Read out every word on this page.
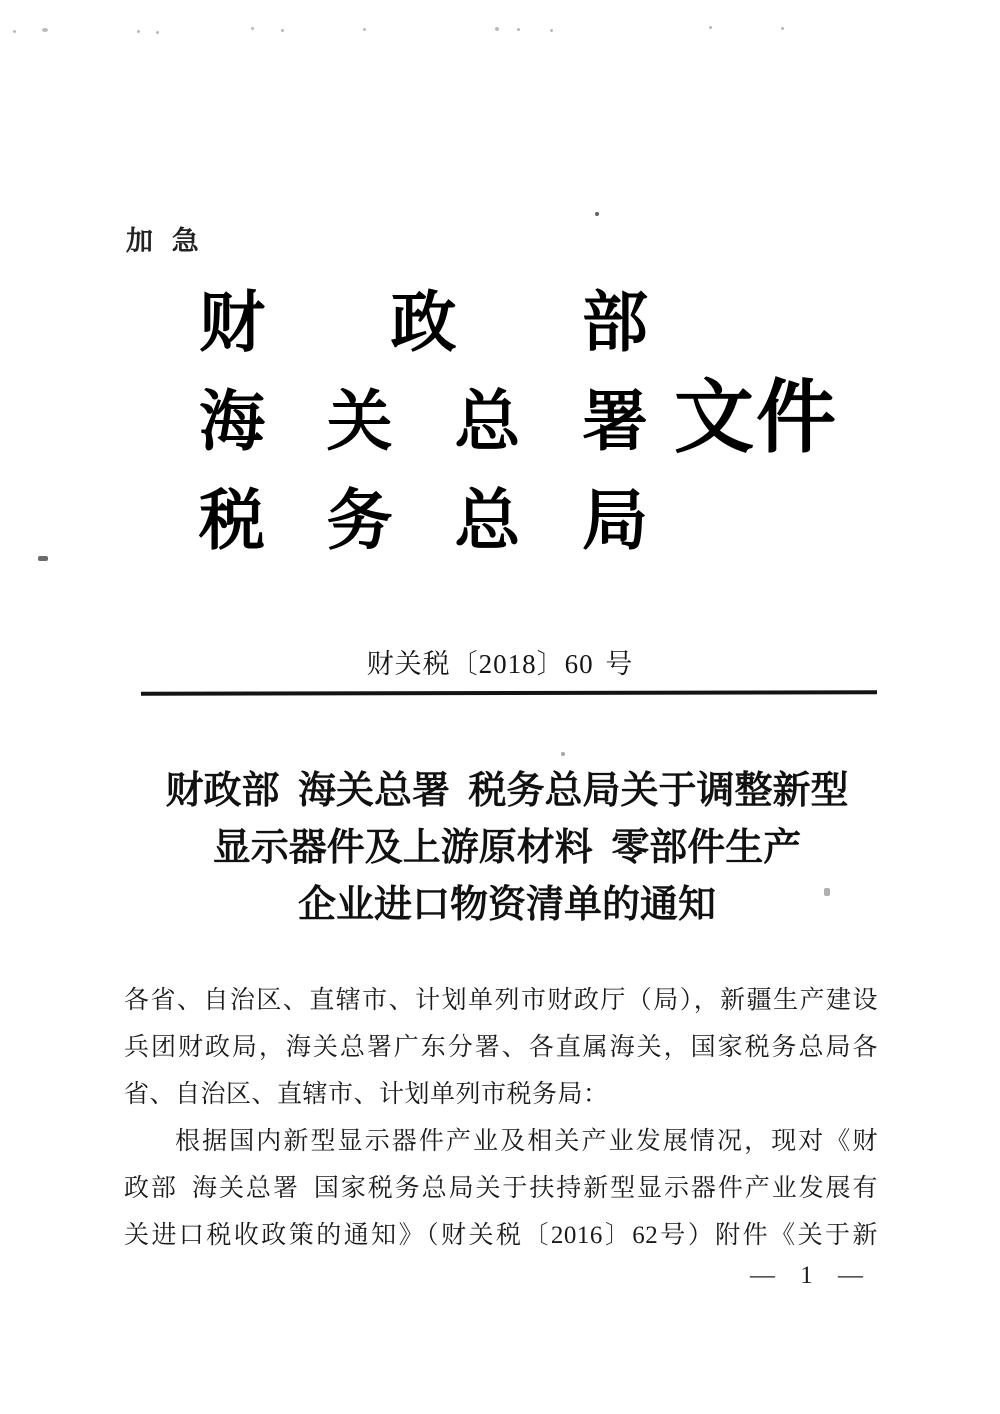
加 急
财 政 部
海 关 总 署
税 务 总 局
文件
财关税〔2018〕60 号
财政部 海关总署 税务总局关于调整新型
显示器件及上游原材料 零部件生产
企业进口物资清单的通知
各省、自治区、直辖市、计划单列市财政厅（局），新疆生产建设
兵团财政局，海关总署广东分署、各直属海关，国家税务总局各
省、自治区、直辖市、计划单列市税务局：
根据国内新型显示器件产业及相关产业发展情况，现对《财
政部 海关总署 国家税务总局关于扶持新型显示器件产业发展有
关进口税收政策的通知》（财关税〔2016〕62号）附件《关于新
— 1 —
